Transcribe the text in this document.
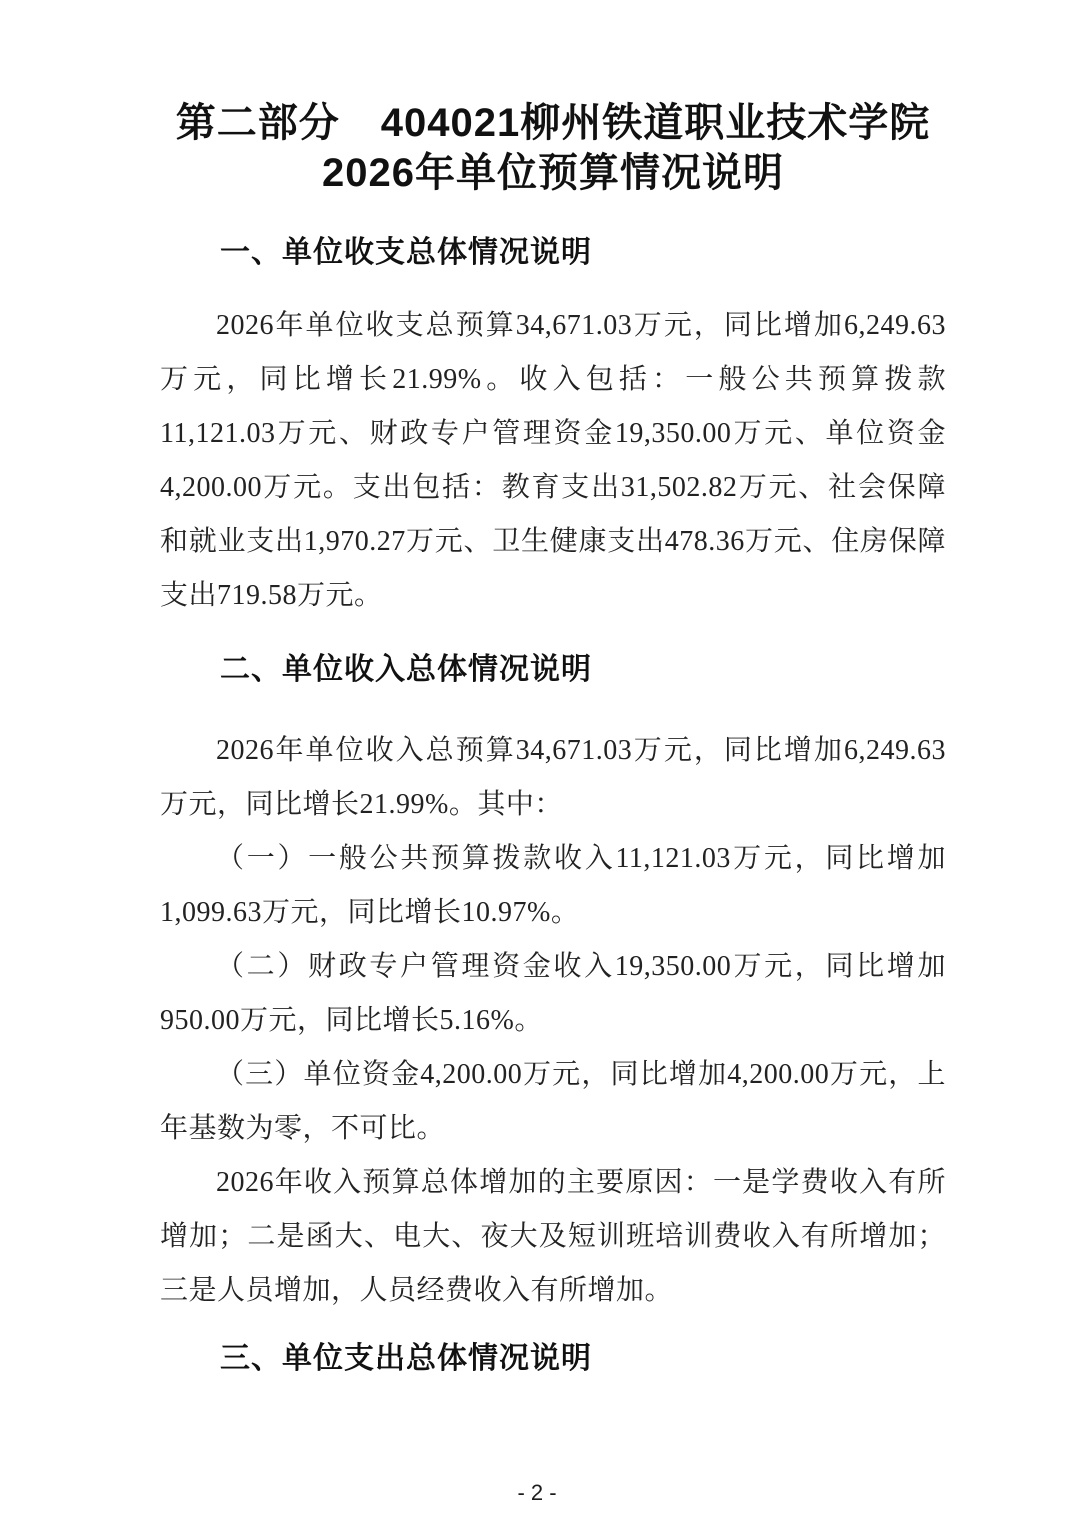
第二部分　404021柳州铁道职业技术学院
2026年单位预算情况说明
一、单位收支总体情况说明

2026年单位收支总预算34,671.03万元，同比增加6,249.63万元，同比增长21.99%。收入包括：一般公共预算拨款11,121.03万元、财政专户管理资金19,350.00万元、单位资金4,200.00万元。支出包括：教育支出31,502.82万元、社会保障和就业支出1,970.27万元、卫生健康支出478.36万元、住房保障支出719.58万元。

二、单位收入总体情况说明

2026年单位收入总预算34,671.03万元，同比增加6,249.63万元，同比增长21.99%。其中：

（一）一般公共预算拨款收入11,121.03万元，同比增加1,099.63万元，同比增长10.97%。

（二）财政专户管理资金收入19,350.00万元，同比增加950.00万元，同比增长5.16%。

（三）单位资金4,200.00万元，同比增加4,200.00万元，上年基数为零，不可比。

2026年收入预算总体增加的主要原因：一是学费收入有所增加；二是函大、电大、夜大及短训班培训费收入有所增加；三是人员增加，人员经费收入有所增加。

三、单位支出总体情况说明
- 2 -
